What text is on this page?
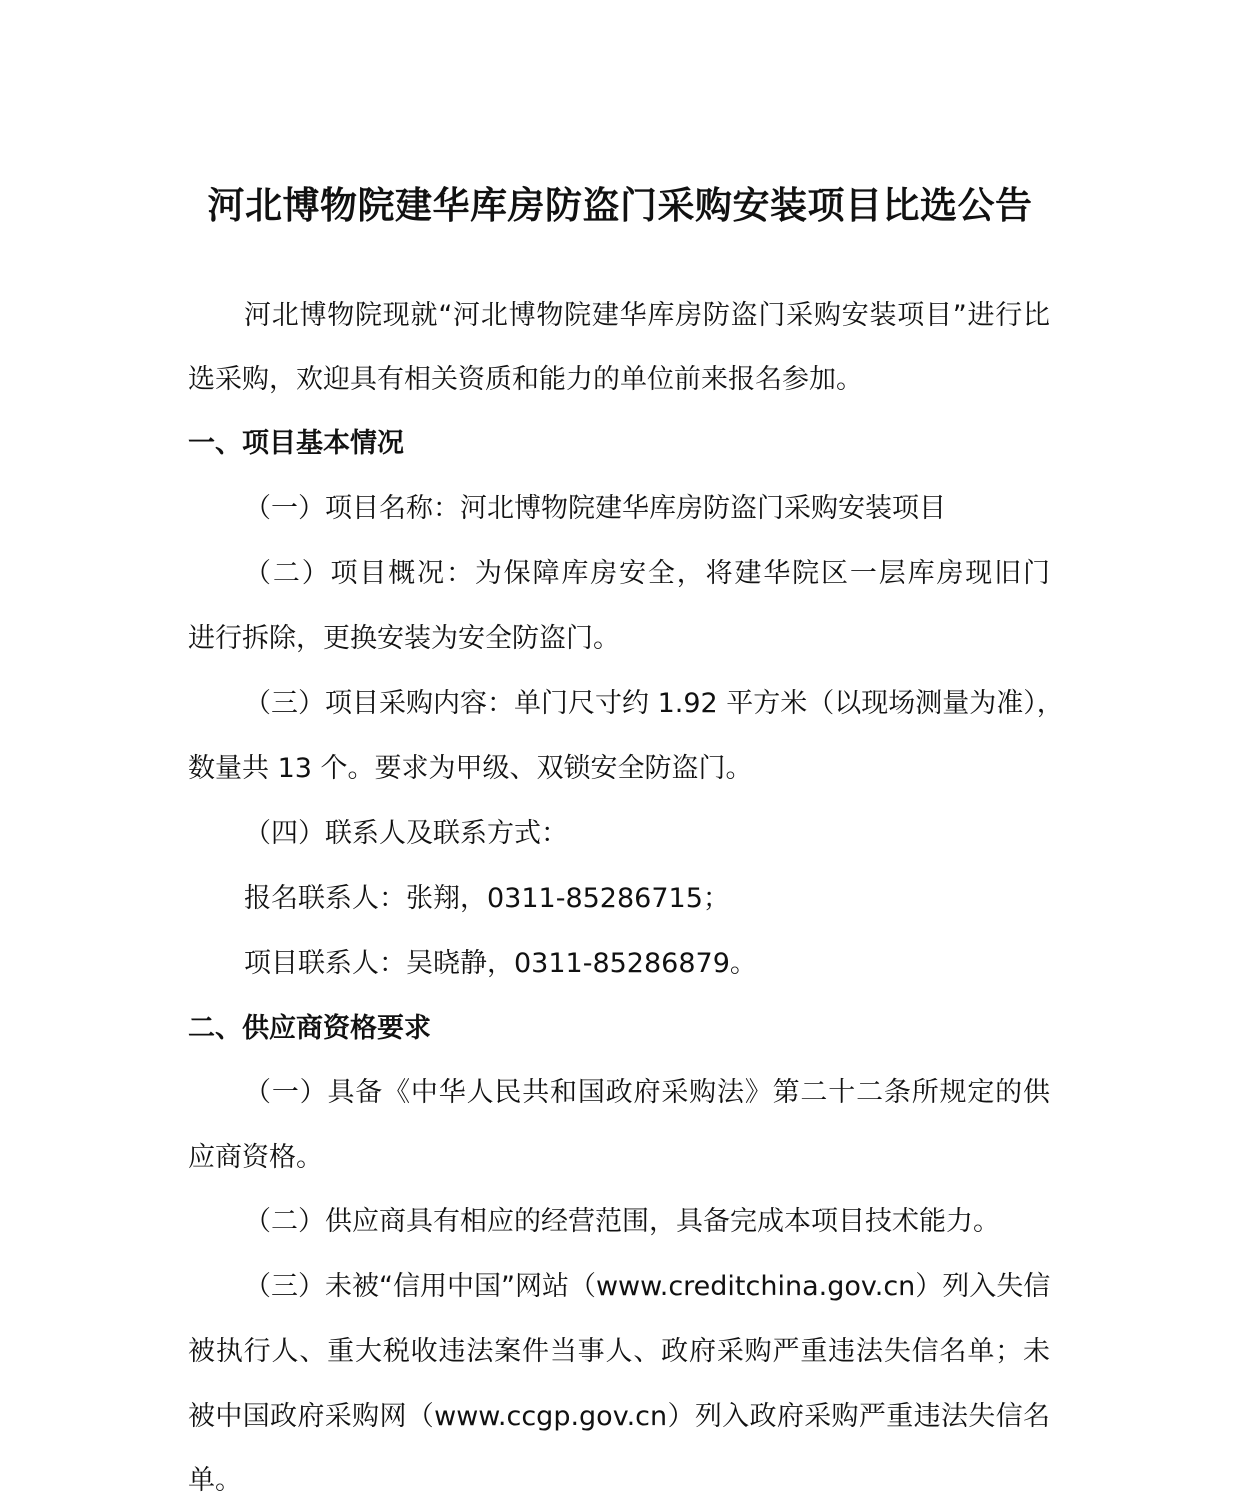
河北博物院建华库房防盗门采购安装项目比选公告

河北博物院现就“河北博物院建华库房防盗门采购安装项目”进行比

选采购，欢迎具有相关资质和能力的单位前来报名参加。

一、项目基本情况

（一）项目名称：河北博物院建华库房防盗门采购安装项目

（二）项目概况：为保障库房安全，将建华院区一层库房现旧门

进行拆除，更换安装为安全防盗门。

（三）项目采购内容：单门尺寸约 1.92 平方米（以现场测量为准），

数量共 13 个。要求为甲级、双锁安全防盗门。

（四）联系人及联系方式：

报名联系人：张翔，0311-85286715；

项目联系人：吴晓静，0311-85286879。

二、供应商资格要求

（一）具备《中华人民共和国政府采购法》第二十二条所规定的供

应商资格。

（二）供应商具有相应的经营范围，具备完成本项目技术能力。

（三）未被“信用中国”网站（www.creditchina.gov.cn）列入失信

被执行人、重大税收违法案件当事人、政府采购严重违法失信名单；未

被中国政府采购网（www.ccgp.gov.cn）列入政府采购严重违法失信名

单。
